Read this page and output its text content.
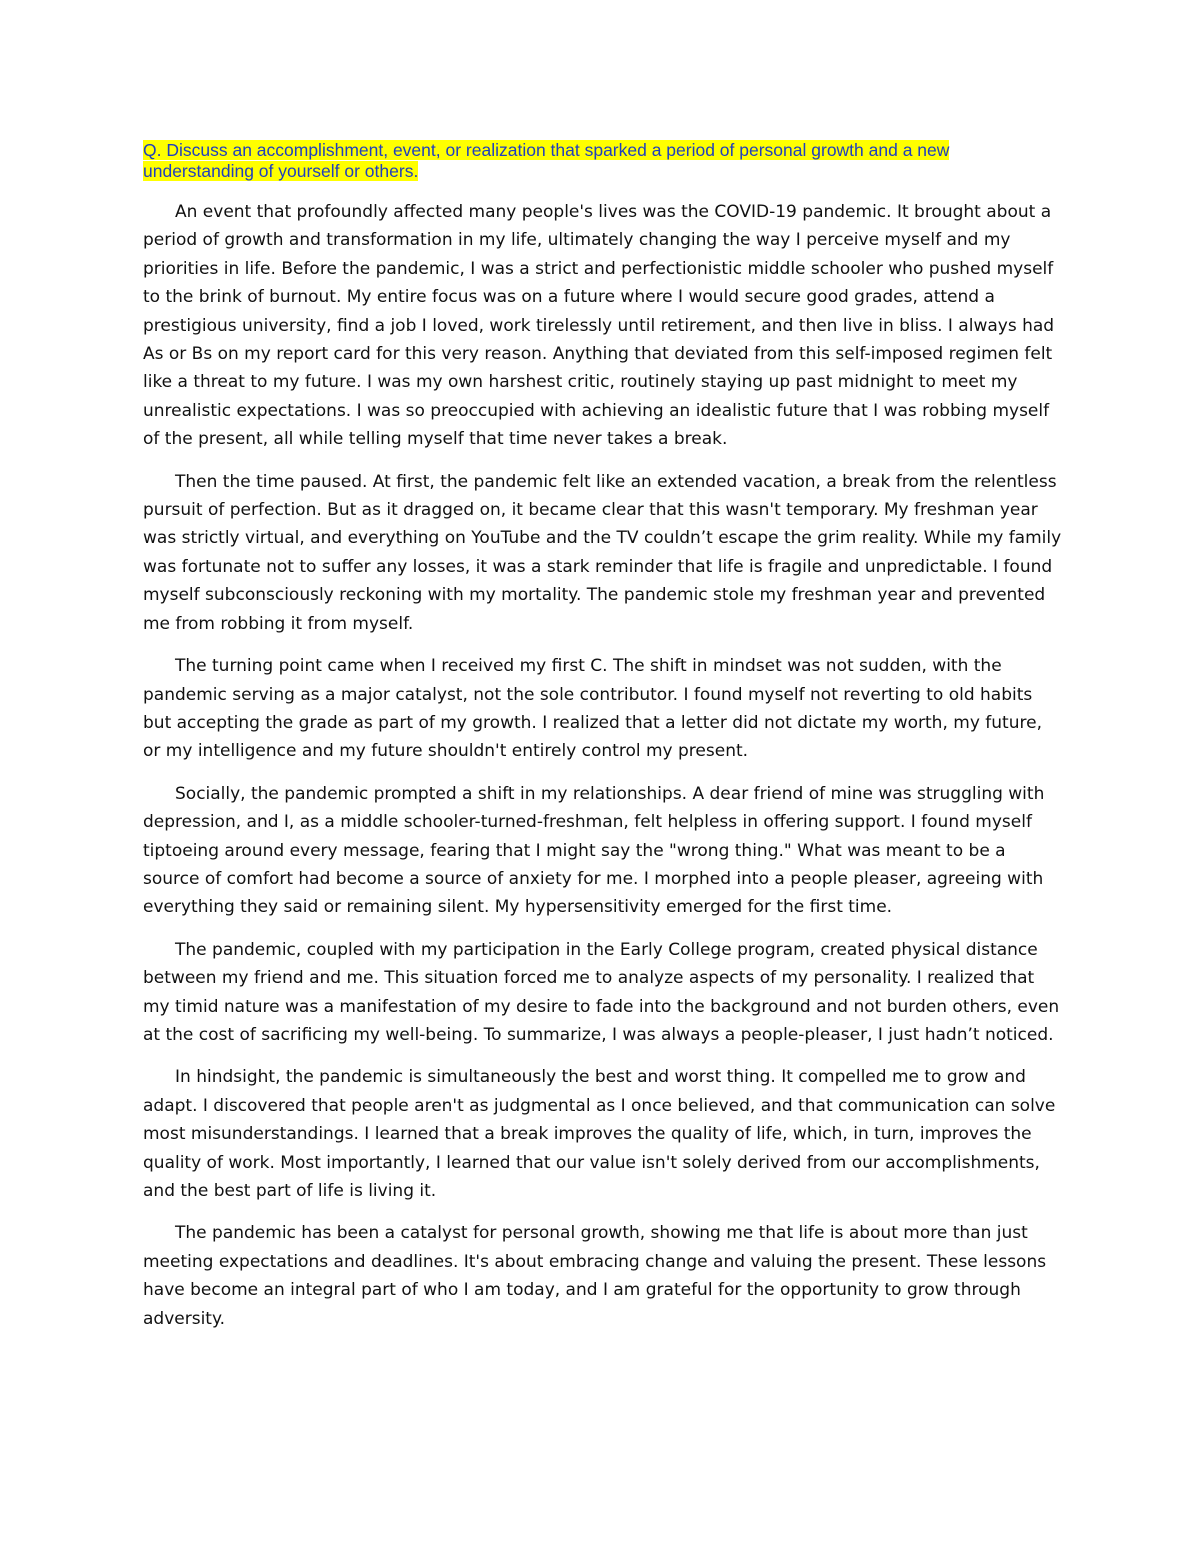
Q. Discuss an accomplishment, event, or realization that sparked a period of personal growth and a new understanding of yourself or others.

An event that profoundly affected many people's lives was the COVID-19 pandemic. It brought about a period of growth and transformation in my life, ultimately changing the way I perceive myself and my priorities in life. Before the pandemic, I was a strict and perfectionistic middle schooler who pushed myself to the brink of burnout. My entire focus was on a future where I would secure good grades, attend a prestigious university, find a job I loved, work tirelessly until retirement, and then live in bliss. I always had As or Bs on my report card for this very reason. Anything that deviated from this self-imposed regimen felt like a threat to my future. I was my own harshest critic, routinely staying up past midnight to meet my unrealistic expectations. I was so preoccupied with achieving an idealistic future that I was robbing myself of the present, all while telling myself that time never takes a break.

Then the time paused. At first, the pandemic felt like an extended vacation, a break from the relentless pursuit of perfection. But as it dragged on, it became clear that this wasn't temporary. My freshman year was strictly virtual, and everything on YouTube and the TV couldn’t escape the grim reality. While my family was fortunate not to suffer any losses, it was a stark reminder that life is fragile and unpredictable. I found myself subconsciously reckoning with my mortality. The pandemic stole my freshman year and prevented me from robbing it from myself.

The turning point came when I received my first C. The shift in mindset was not sudden, with the pandemic serving as a major catalyst, not the sole contributor. I found myself not reverting to old habits but accepting the grade as part of my growth. I realized that a letter did not dictate my worth, my future, or my intelligence and my future shouldn't entirely control my present.

Socially, the pandemic prompted a shift in my relationships. A dear friend of mine was struggling with depression, and I, as a middle schooler-turned-freshman, felt helpless in offering support. I found myself tiptoeing around every message, fearing that I might say the "wrong thing." What was meant to be a source of comfort had become a source of anxiety for me. I morphed into a people pleaser, agreeing with everything they said or remaining silent. My hypersensitivity emerged for the first time.

The pandemic, coupled with my participation in the Early College program, created physical distance between my friend and me. This situation forced me to analyze aspects of my personality. I realized that my timid nature was a manifestation of my desire to fade into the background and not burden others, even at the cost of sacrificing my well-being. To summarize, I was always a people-pleaser, I just hadn’t noticed.

In hindsight, the pandemic is simultaneously the best and worst thing. It compelled me to grow and adapt. I discovered that people aren't as judgmental as I once believed, and that communication can solve most misunderstandings. I learned that a break improves the quality of life, which, in turn, improves the quality of work. Most importantly, I learned that our value isn't solely derived from our accomplishments, and the best part of life is living it.

The pandemic has been a catalyst for personal growth, showing me that life is about more than just meeting expectations and deadlines. It's about embracing change and valuing the present. These lessons have become an integral part of who I am today, and I am grateful for the opportunity to grow through adversity.
